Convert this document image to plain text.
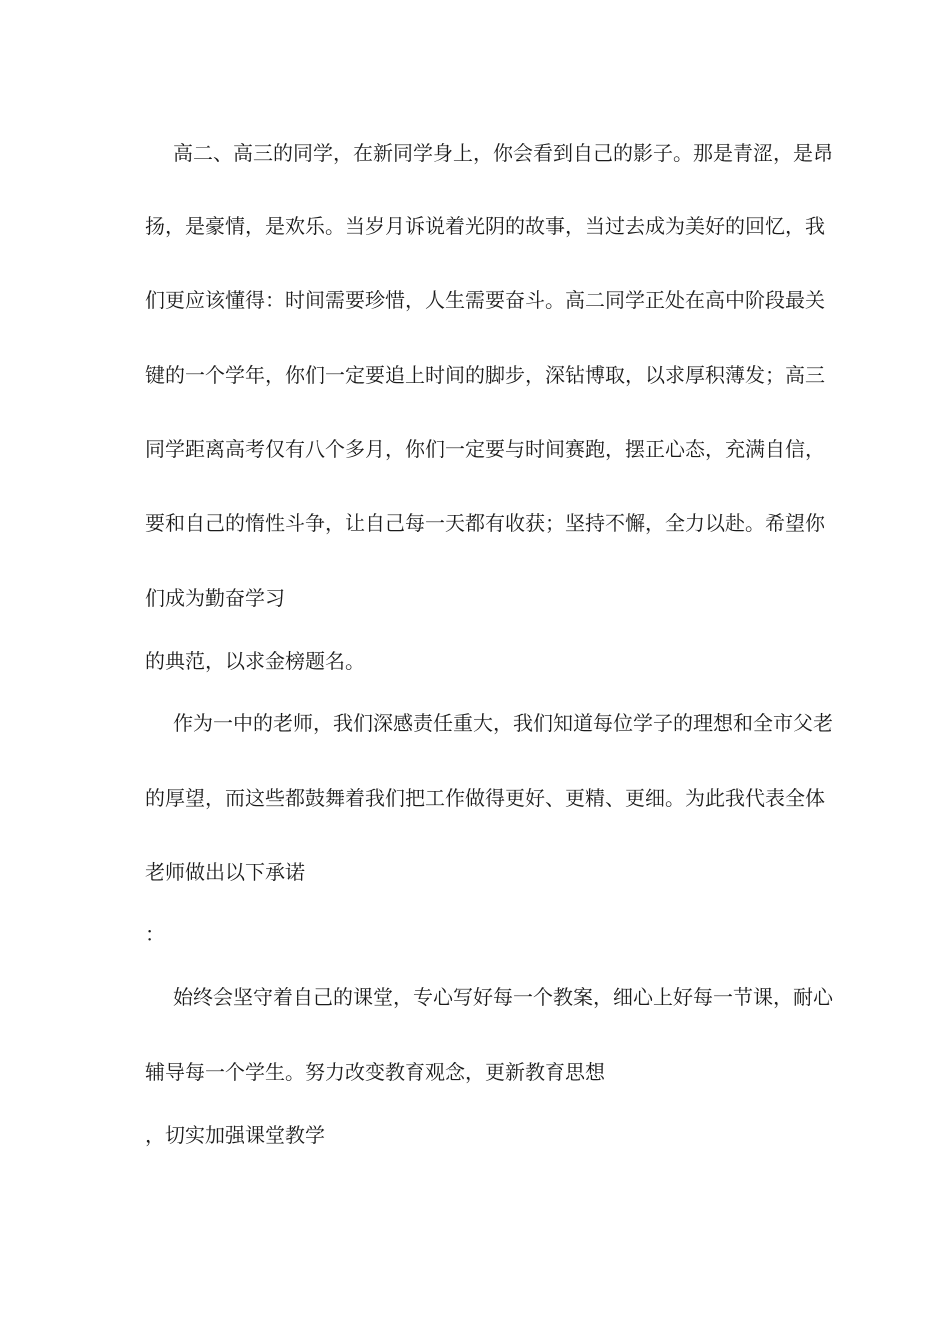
高二、高三的同学，在新同学身上，你会看到自己的影子。那是青涩，是昂
扬，是豪情，是欢乐。当岁月诉说着光阴的故事，当过去成为美好的回忆，我
们更应该懂得：时间需要珍惜，人生需要奋斗。高二同学正处在高中阶段最关
键的一个学年，你们一定要追上时间的脚步，深钻博取，以求厚积薄发；高三
同学距离高考仅有八个多月，你们一定要与时间赛跑，摆正心态，充满自信，
要和自己的惰性斗争，让自己每一天都有收获；坚持不懈，全力以赴。希望你
们成为勤奋学习
的典范，以求金榜题名。
作为一中的老师，我们深感责任重大，我们知道每位学子的理想和全市父老
的厚望，而这些都鼓舞着我们把工作做得更好、更精、更细。为此我代表全体
老师做出以下承诺
：
始终会坚守着自己的课堂，专心写好每一个教案，细心上好每一节课，耐心
辅导每一个学生。努力改变教育观念，更新教育思想
，切实加强课堂教学
